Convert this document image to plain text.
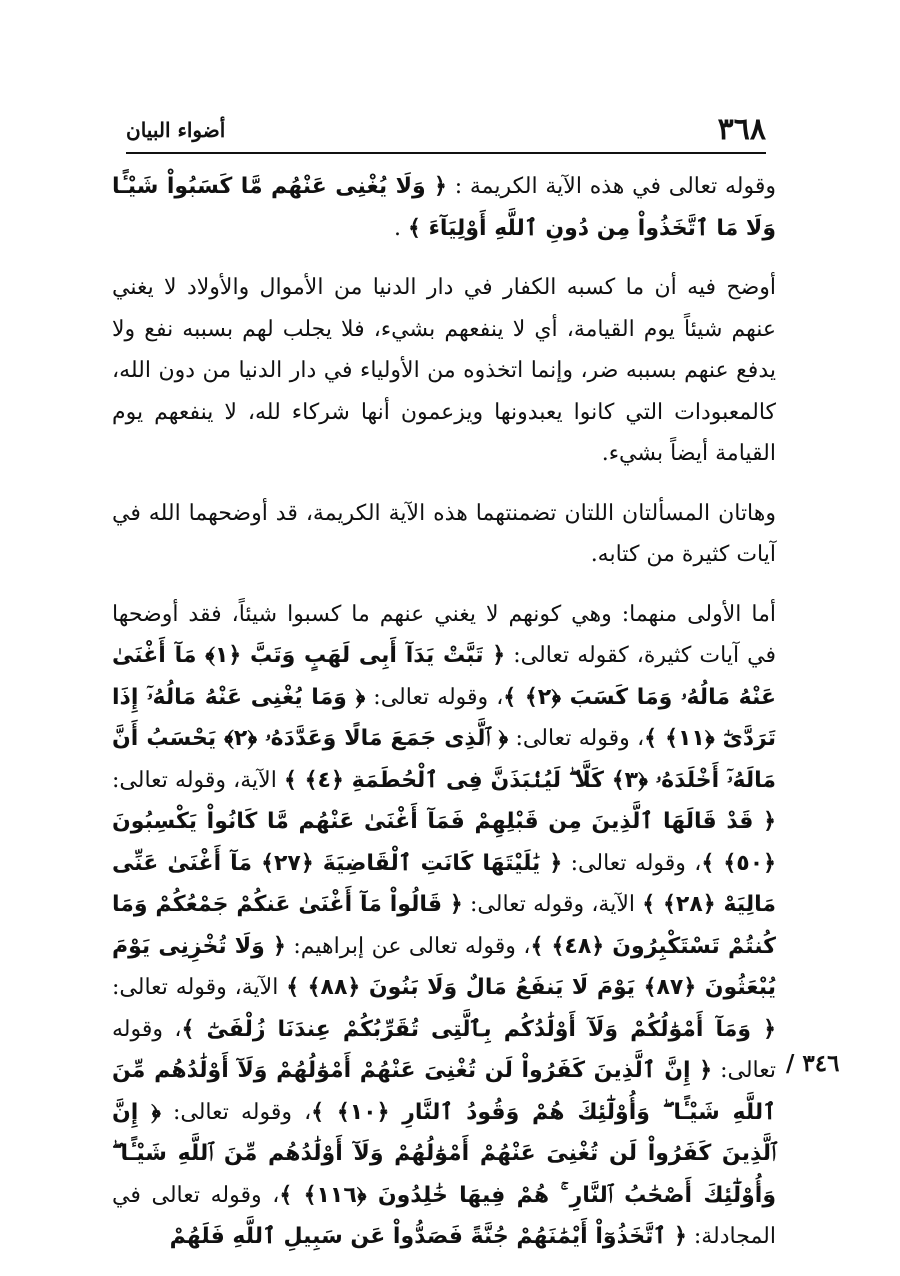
٣٦٨
أضواء البيان

وقوله تعالى في هذه الآية الكريمة : ﴿ وَلَا يُغْنِى عَنْهُم مَّا كَسَبُواْ شَيْـًٔا وَلَا مَا ٱتَّخَذُواْ مِن دُونِ ٱللَّهِ أَوْلِيَآءَ ﴾ .

أوضح فيه أن ما كسبه الكفار في دار الدنيا من الأموال والأولاد لا يغني عنهم شيئاً يوم القيامة، أي لا ينفعهم بشيء، فلا يجلب لهم بسببه نفع ولا يدفع عنهم بسببه ضر، وإنما اتخذوه من الأولياء في دار الدنيا من دون الله، كالمعبودات التي كانوا يعبدونها ويزعمون أنها شركاء لله، لا ينفعهم يوم القيامة أيضاً بشيء.

وهاتان المسألتان اللتان تضمنتهما هذه الآية الكريمة، قد أوضحهما الله في آيات كثيرة من كتابه.

أما الأولى منهما: وهي كونهم لا يغني عنهم ما كسبوا شيئاً، فقد أوضحها في آيات كثيرة، كقوله تعالى: ﴿ تَبَّتْ يَدَآ أَبِى لَهَبٍ وَتَبَّ ﴿١﴾ مَآ أَغْنَىٰ عَنْهُ مَالُهُۥ وَمَا كَسَبَ ﴿٢﴾ ﴾، وقوله تعالى: ﴿ وَمَا يُغْنِى عَنْهُ مَالُهُۥٓ إِذَا تَرَدَّىٰٓ ﴿١١﴾ ﴾، وقوله تعالى: ﴿ ٱلَّذِى جَمَعَ مَالًا وَعَدَّدَهُۥ ﴿٢﴾ يَحْسَبُ أَنَّ مَالَهُۥٓ أَخْلَدَهُۥ ﴿٣﴾ كَلَّا ۖ لَيُنۢبَذَنَّ فِى ٱلْحُطَمَةِ ﴿٤﴾ ﴾ الآية، وقوله تعالى: ﴿ قَدْ قَالَهَا ٱلَّذِينَ مِن قَبْلِهِمْ فَمَآ أَغْنَىٰ عَنْهُم مَّا كَانُواْ يَكْسِبُونَ ﴿٥٠﴾ ﴾، وقوله تعالى: ﴿ يَٰلَيْتَهَا كَانَتِ ٱلْقَاضِيَةَ ﴿٢٧﴾ مَآ أَغْنَىٰ عَنِّى مَالِيَهْ ﴿٢٨﴾ ﴾ الآية، وقوله تعالى: ﴿ قَالُواْ مَآ أَغْنَىٰ عَنكُمْ جَمْعُكُمْ وَمَا كُنتُمْ تَسْتَكْبِرُونَ ﴿٤٨﴾ ﴾، وقوله تعالى عن إبراهيم: ﴿ وَلَا تُخْزِنِى يَوْمَ يُبْعَثُونَ ﴿٨٧﴾ يَوْمَ لَا يَنفَعُ مَالٌ وَلَا بَنُونَ ﴿٨٨﴾ ﴾ الآية، وقوله تعالى: ﴿ وَمَآ أَمْوَٰلُكُمْ وَلَآ أَوْلَٰدُكُم بِٱلَّتِى تُقَرِّبُكُمْ عِندَنَا زُلْفَىٰٓ ﴾، وقوله تعالى: ﴿ إِنَّ ٱلَّذِينَ كَفَرُواْ لَن تُغْنِىَ عَنْهُمْ أَمْوَٰلُهُمْ وَلَآ أَوْلَٰدُهُم مِّنَ ٱللَّهِ شَيْـًٔا ۖ وَأُوْلَٰٓئِكَ هُمْ وَقُودُ ٱلنَّارِ ﴿١٠﴾ ﴾، وقوله تعالى: ﴿ إِنَّ ٱلَّذِينَ كَفَرُواْ لَن تُغْنِىَ عَنْهُمْ أَمْوَٰلُهُمْ وَلَآ أَوْلَٰدُهُم مِّنَ ٱللَّهِ شَيْـًٔا ۖ وَأُوْلَٰٓئِكَ أَصْحَٰبُ ٱلنَّارِ ۚ هُمْ فِيهَا خَٰلِدُونَ ﴿١١٦﴾ ﴾، وقوله تعالى في المجادلة: ﴿ ٱتَّخَذُوٓاْ أَيْمَٰنَهُمْ جُنَّةً فَصَدُّواْ عَن سَبِيلِ ٱللَّهِ فَلَهُمْ

٣٤٦ /
